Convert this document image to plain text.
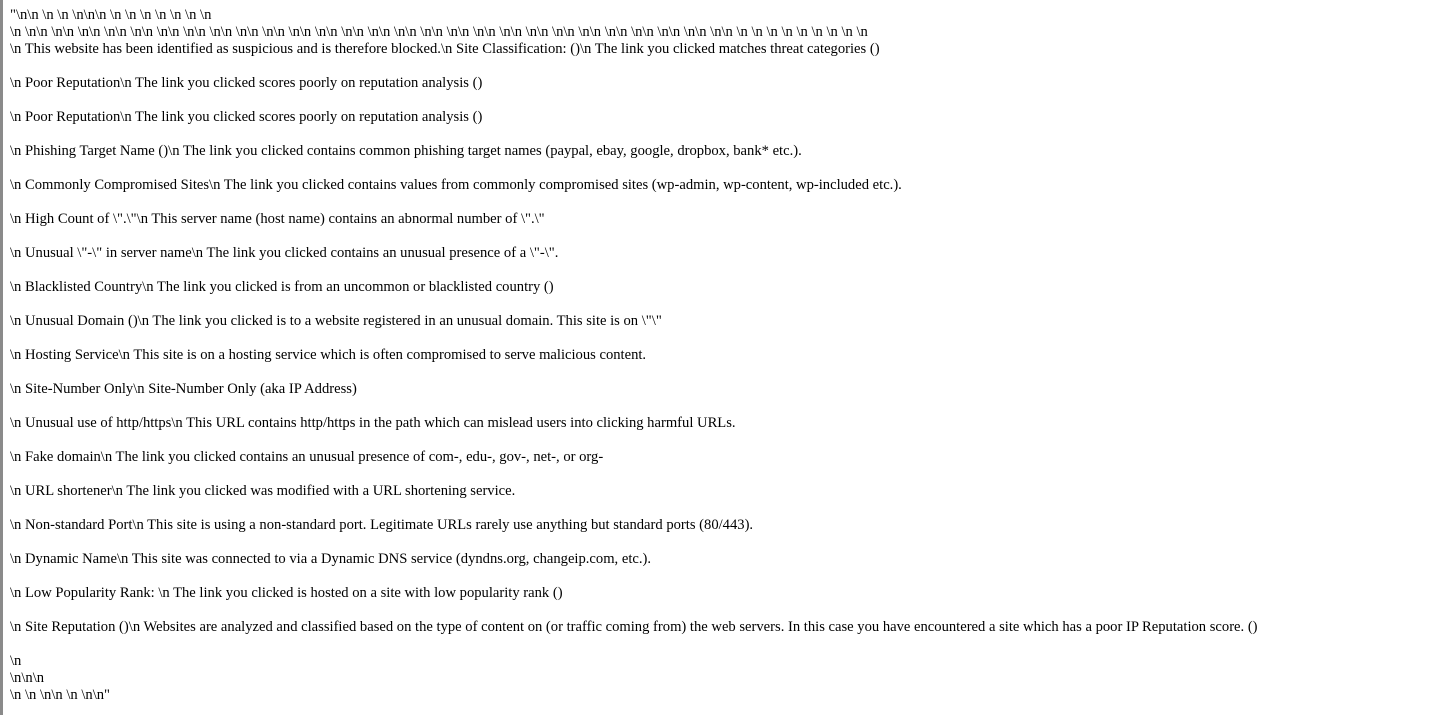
"\n\n \n \n \n\n\n \n \n \n \n \n \n \n
\n \n\n \n\n \n\n \n\n \n\n \n\n \n\n \n\n \n\n \n\n \n\n \n\n \n\n \n\n \n\n \n\n \n\n \n\n \n\n \n\n \n\n \n\n \n\n \n\n \n\n \n\n \n\n \n \n \n \n \n \n \n \n \n
\n This website has been identified as suspicious and is therefore blocked.\n Site Classification: ()\n The link you clicked matches threat categories ()
\n Poor Reputation\n The link you clicked scores poorly on reputation analysis ()
\n Poor Reputation\n The link you clicked scores poorly on reputation analysis ()
\n Phishing Target Name ()\n The link you clicked contains common phishing target names (paypal, ebay, google, dropbox, bank* etc.).
\n Commonly Compromised Sites\n The link you clicked contains values from commonly compromised sites (wp-admin, wp-content, wp-included etc.).
\n High Count of \".\"\n This server name (host name) contains an abnormal number of \".\"
\n Unusual \"-\" in server name\n The link you clicked contains an unusual presence of a \"-\".
\n Blacklisted Country\n The link you clicked is from an uncommon or blacklisted country ()
\n Unusual Domain ()\n The link you clicked is to a website registered in an unusual domain. This site is on \"\"
\n Hosting Service\n This site is on a hosting service which is often compromised to serve malicious content.
\n Site-Number Only\n Site-Number Only (aka IP Address)
\n Unusual use of http/https\n This URL contains http/https in the path which can mislead users into clicking harmful URLs.
\n Fake domain\n The link you clicked contains an unusual presence of com-, edu-, gov-, net-, or org-
\n URL shortener\n The link you clicked was modified with a URL shortening service.
\n Non-standard Port\n This site is using a non-standard port. Legitimate URLs rarely use anything but standard ports (80/443).
\n Dynamic Name\n This site was connected to via a Dynamic DNS service (dyndns.org, changeip.com, etc.).
\n Low Popularity Rank: \n The link you clicked is hosted on a site with low popularity rank ()
\n Site Reputation ()\n Websites are analyzed and classified based on the type of content on (or traffic coming from) the web servers. In this case you have encountered a site which has a poor IP Reputation score. ()
\n
\n\n\n
\n \n \n\n \n \n\n"
